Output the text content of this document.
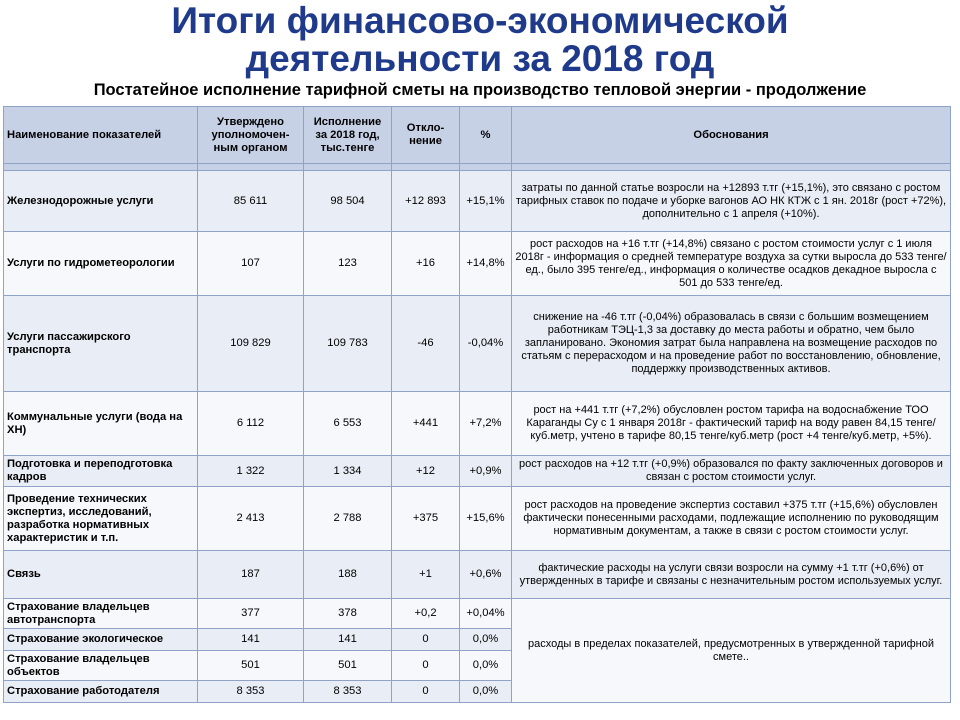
Итоги финансово-экономической
деятельности за 2018 год
Постатейное исполнение тарифной сметы на производство тепловой энергии - продолжение
Наименование показателей	Утверждено уполномочен-ным органом	Исполнение за 2018 год, тыс.тенге	Откло-нение	%	Обоснования

Железнодорожные услуги	85 611	98 504	+12 893	+15,1%	затраты по данной статье возросли на +12893 т.тг (+15,1%), это связано с ростом тарифных ставок по подаче и уборке вагонов АО НК КТЖ с 1 ян. 2018г (рост +72%), дополнительно с 1 апреля (+10%).
Услуги по гидрометеорологии	107	123	+16	+14,8%	рост расходов на +16 т.тг (+14,8%) связано с ростом стоимости услуг с 1 июля 2018г - информация о средней температуре воздуха за сутки выросла до 533 тенге/ед., было 395 тенге/ед., информация о количестве осадков декадное выросла с 501 до 533 тенге/ед.
Услуги пассажирского транспорта	109 829	109 783	-46	-0,04%	снижение на -46 т.тг (-0,04%) образовалась в связи с большим возмещением работникам ТЭЦ-1,3 за доставку до места работы и обратно, чем было запланировано. Экономия затрат была направлена на возмещение расходов по статьям с перерасходом и на проведение работ по восстановлению, обновление, поддержку производственных активов.
Коммунальные услуги (вода на ХН)	6 112	6 553	+441	+7,2%	рост на +441 т.тг (+7,2%) обусловлен ростом тарифа на водоснабжение ТОО Караганды Су с 1 января 2018г - фактический тариф на воду равен 84,15 тенге/куб.метр, учтено в тарифе 80,15 тенге/куб.метр (рост +4 тенге/куб.метр, +5%).
Подготовка и переподготовка кадров	1 322	1 334	+12	+0,9%	рост расходов на +12 т.тг (+0,9%) образовался по факту заключенных договоров и связан с ростом стоимости услуг.
Проведение технических экспертиз, исследований, разработка нормативных характеристик и т.п.	2 413	2 788	+375	+15,6%	рост расходов на проведение экспертиз составил +375 т.тг (+15,6%) обусловлен фактически понесенными расходами, подлежащие исполнению по руководящим нормативным документам, а также в связи с ростом стоимости услуг.
Связь	187	188	+1	+0,6%	фактические расходы на услуги связи возросли на сумму +1 т.тг (+0,6%) от утвержденных в тарифе и связаны с незначительным ростом используемых услуг.
Страхование владельцев автотранспорта	377	378	+0,2	+0,04%	расходы в пределах показателей, предусмотренных в утвержденной тарифной смете..
Страхование экологическое	141	141	0	0,0%	
Страхование владельцев объектов	501	501	0	0,0%	
Страхование работодателя	8 353	8 353	0	0,0%	
